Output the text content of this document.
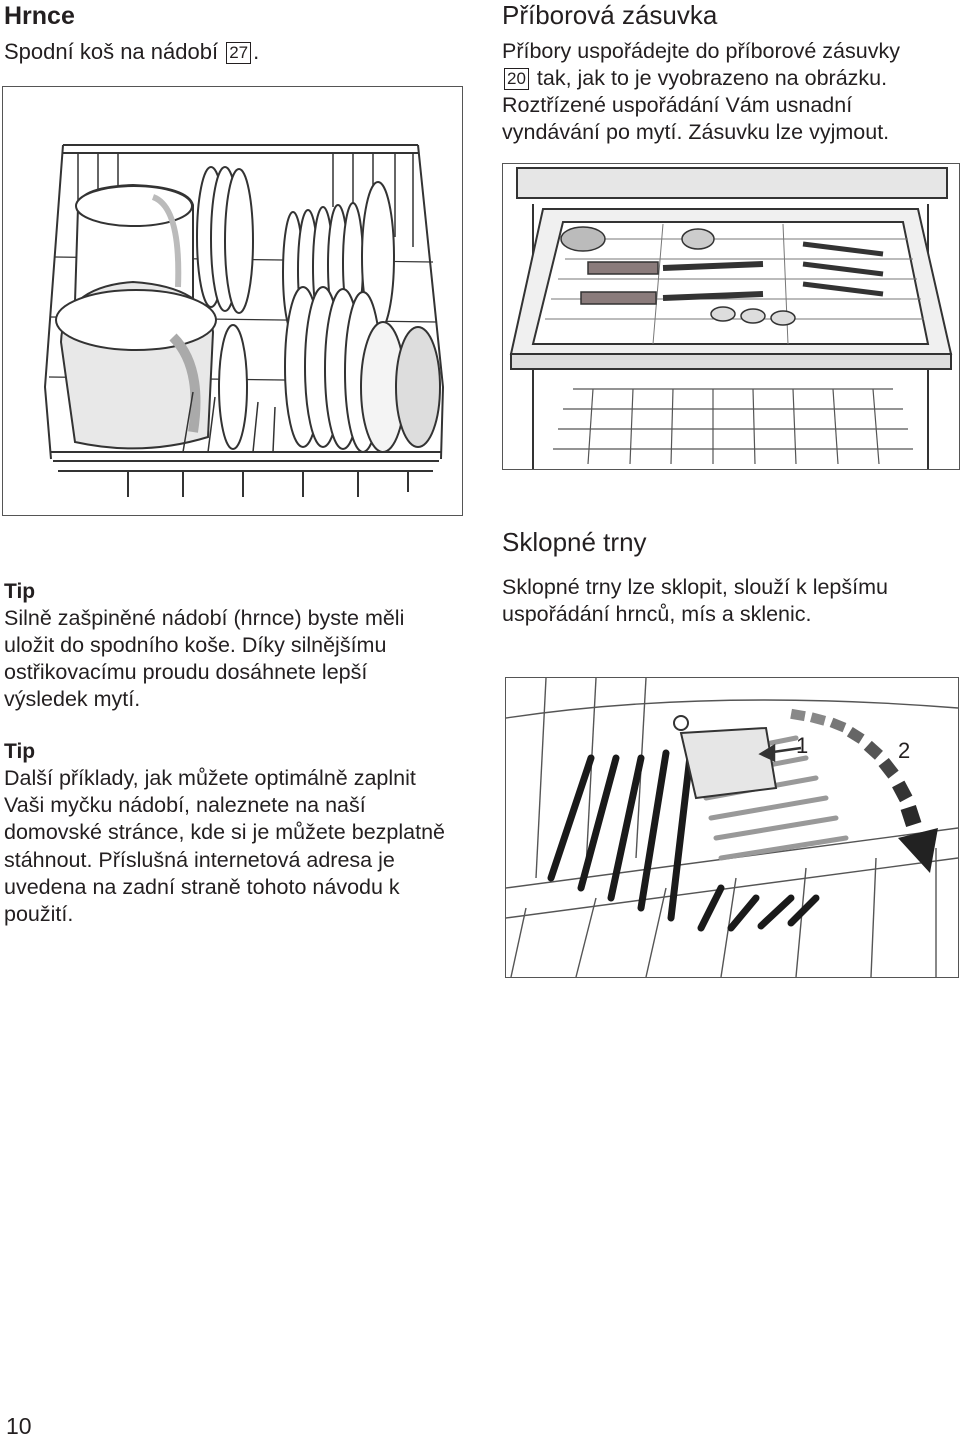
Hrnce
Spodní koš na nádobí 27 .
Příborová zásuvka
Příbory uspořádejte do příborové zásuvky
20 tak, jak to je vyobrazeno na obrázku.
Roztřízené uspořádání Vám usnadní
vyndávání po mytí. Zásuvku lze vyjmout.
Tip
Silně zašpiněné nádobí (hrnce) byste měli
uložit do spodního koše. Díky silnějšímu
ostřikovacímu proudu dosáhnete lepší
výsledek mytí.
Tip
Další příklady, jak můžete optimálně zaplnit
Vaši myčku nádobí, naleznete na naší
domovské stránce, kde si je můžete bezplatně
stáhnout. Příslušná internetová adresa je
uvedena na zadní straně tohoto návodu k
použití.
Sklopné trny
Sklopné trny lze sklopit, slouží k lepšímu
uspořádání hrnců, mís a sklenic.
1	2
10
